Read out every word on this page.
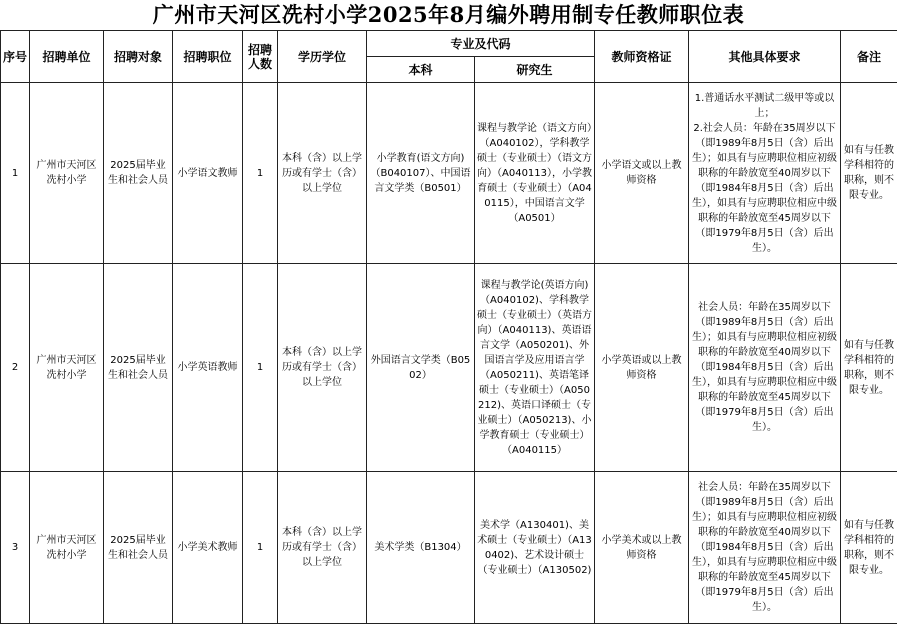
广州市天河区冼村小学2025年8月编外聘用制专任教师职位表
序号	招聘单位	招聘对象	招聘职位	招聘
人数	学历学位	专业及代码		教师资格证	其他具体要求	备注
						本科	研究生			
1	广州市天河区冼村小学	2025届毕业生和社会人员	小学语文教师	1	本科（含）以上学历或有学士（含）以上学位	小学教育(语文方向)（B040107）、中国语言文学类（B0501）	课程与教学论（语文方向）（A040102），学科教学硕士（专业硕士）（语文方向）（A040113），小学教育硕士（专业硕士）（A040115），中国语言文学（A0501）	小学语文或以上教师资格	1.普通话水平测试二级甲等或以上；
2.社会人员：年龄在35周岁以下（即1989年8月5日（含）后出生）；如具有与应聘职位相应初级职称的年龄放宽至40周岁以下（即1984年8月5日（含）后出生），如具有与应聘职位相应中级职称的年龄放宽至45周岁以下（即1979年8月5日（含）后出生）。	如有与任教学科相符的职称，则不限专业。
2	广州市天河区冼村小学	2025届毕业生和社会人员	小学英语教师	1	本科（含）以上学历或有学士（含）以上学位	外国语言文学类（B0502）	课程与教学论(英语方向)（A040102)、学科教学硕士（专业硕士）（英语方向）（A040113)、英语语言文学（A050201)、外国语言学及应用语言学（A050211)、英语笔译硕士（专业硕士）（A050212)、英语口译硕士（专业硕士）（A050213)、小学教育硕士（专业硕士）（A040115）	小学英语或以上教师资格	社会人员：年龄在35周岁以下（即1989年8月5日（含）后出生）；如具有与应聘职位相应初级职称的年龄放宽至40周岁以下（即1984年8月5日（含）后出生），如具有与应聘职位相应中级职称的年龄放宽至45周岁以下（即1979年8月5日（含）后出生）。	如有与任教学科相符的职称，则不限专业。
3	广州市天河区冼村小学	2025届毕业生和社会人员	小学美术教师	1	本科（含）以上学历或有学士（含）以上学位	美术学类（B1304）	美术学（A130401)、美术硕士（专业硕士）（A130402)、艺术设计硕士（专业硕士）（A130502)	小学美术或以上教师资格	社会人员：年龄在35周岁以下（即1989年8月5日（含）后出生）；如具有与应聘职位相应初级职称的年龄放宽至40周岁以下（即1984年8月5日（含）后出生），如具有与应聘职位相应中级职称的年龄放宽至45周岁以下（即1979年8月5日（含）后出生）。	如有与任教学科相符的职称，则不限专业。
